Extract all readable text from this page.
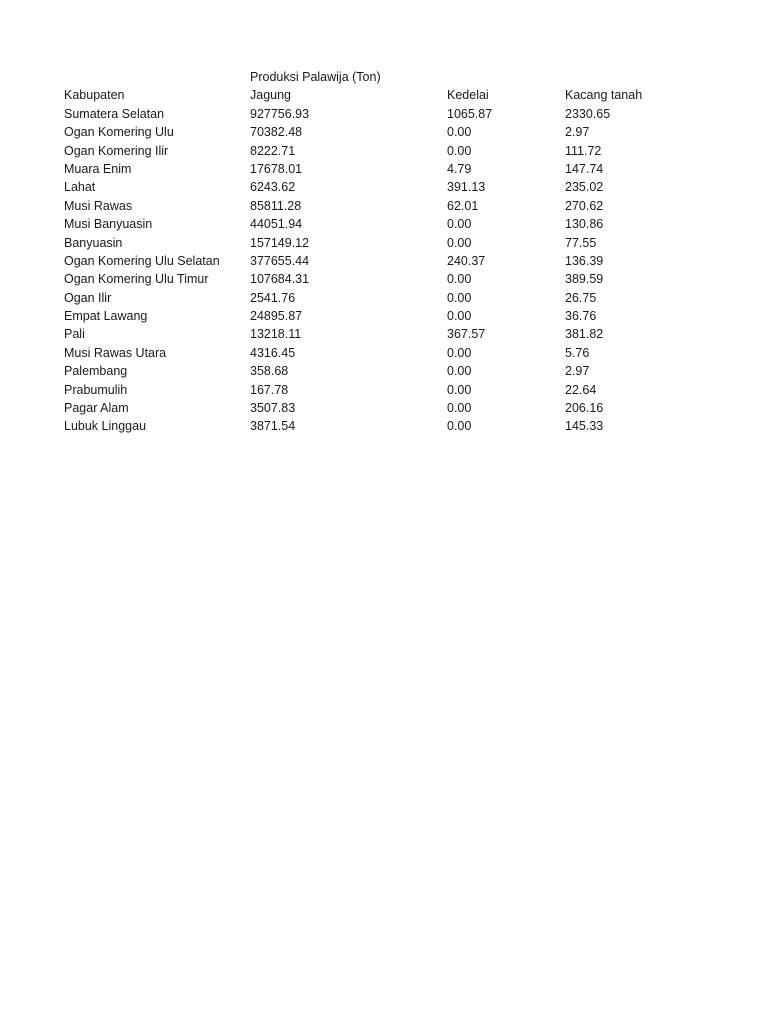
Produksi Palawija (Ton)
Kabupaten	Jagung	Kedelai	Kacang tanah
Sumatera Selatan	927756.93	1065.87	2330.65
Ogan Komering Ulu	70382.48	0.00	2.97
Ogan Komering Ilir	8222.71	0.00	111.72
Muara Enim	17678.01	4.79	147.74
Lahat	6243.62	391.13	235.02
Musi Rawas	85811.28	62.01	270.62
Musi Banyuasin	44051.94	0.00	130.86
Banyuasin	157149.12	0.00	77.55
Ogan Komering Ulu Selatan 377655.44	240.37	136.39
Ogan Komering Ulu Timur	107684.31	0.00	389.59
Ogan Ilir	2541.76	0.00	26.75
Empat Lawang	24895.87	0.00	36.76
Pali	13218.11	367.57	381.82
Musi Rawas Utara	4316.45	0.00	5.76
Palembang	358.68	0.00	2.97
Prabumulih	167.78	0.00	22.64
Pagar Alam	3507.83	0.00	206.16
Lubuk Linggau	3871.54	0.00	145.33
